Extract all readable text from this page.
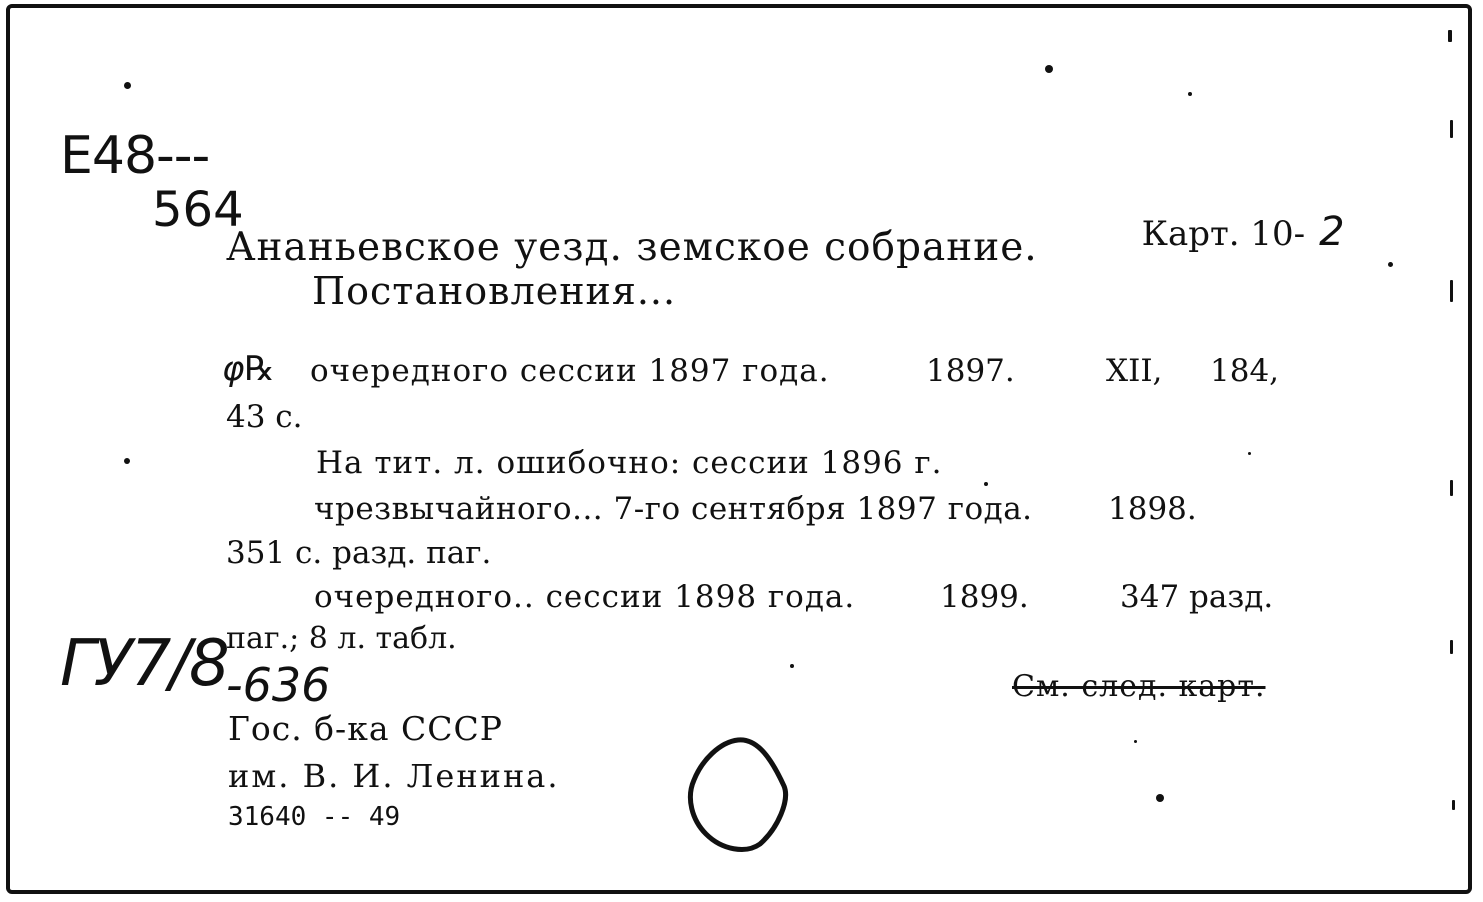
E48---
564	Карт. 10- 2

Ананьевское уезд. земское собрание.
Постановления...
φ℞ очередного сессии 1897 года.	1897.	XII, 184,
43 с.
На тит. л. ошибочно: сессии 1896 г.
чрезвычайного... 7-го сентября 1897 года. 1898.
351 с. разд. паг.
очередного.. сессии 1898 года.	1899.	347 разд.
паг.; 8 л. табл.
ГУ7/8
-636	См. след. карт.
Гос. б-ка СССР
им. В. И. Ленина.
31640 -- 49
